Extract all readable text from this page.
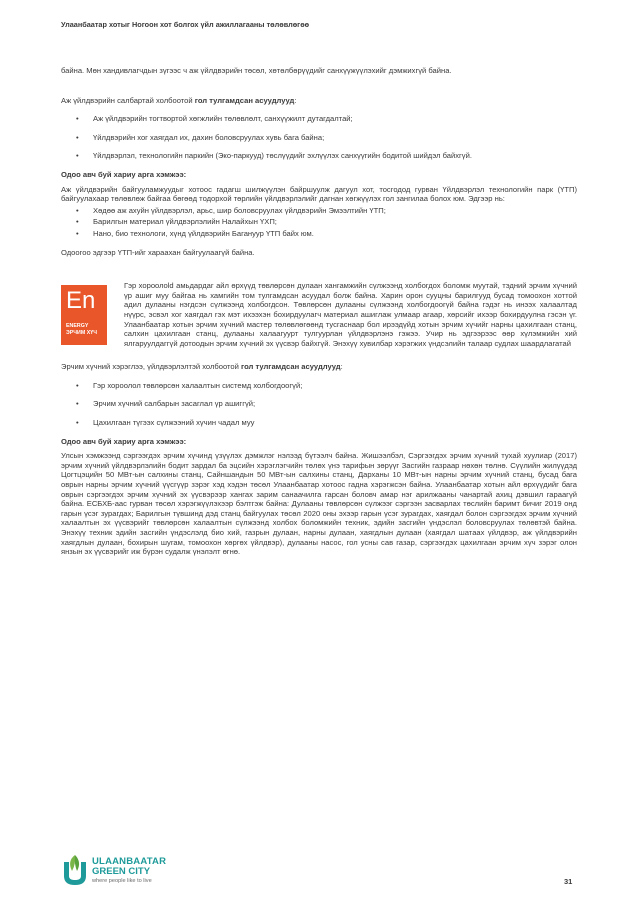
Улаанбаатар хотыг Ногоон хот болгох үйл ажиллагааны төлөвлөгөө

байна. Мөн хандивлагчдын зүгээс ч аж үйлдвэрийн төсөл, хөтөлбөрүүдийг санхүүжүүлэхийг дэмжихгүй байна.

Аж үйлдвэрийн салбартай холбоотой гол тулгамдсан асуудлууд:

• Аж үйлдвэрийн тогтвортой хөгжлийн төлөвлөлт, санхүүжилт дутагдалтай;
• Үйлдвэрийн хог хаягдал их, дахин боловсруулах хувь бага байна;
• Үйлдвэрлэл, технологийн паркийн (Эко-паркууд) төслүүдийг эхлүүлэх санхүүгийн бодитой шийдэл байхгүй.

Одоо авч буй хариу арга хэмжээ:

Аж үйлдвэрийн байгууламжуудыг хотоос гадагш шилжүүлэн байршуулж дагуул хот, тосгодод гурван Үйлдвэрлэл технологийн парк (ҮТП) байгуулахаар төлөвлөж байгаа бөгөөд тодорхой төрлийн үйлдвэрлэлийг дагнан хөгжүүлэх гол зангилаа болох юм. Эдгээр нь:

• Хөдөө аж ахуйн үйлдвэрлэл, арьс, шир боловсруулах үйлдвэрийн Эмээлтийн ҮТП;
• Барилгын материал үйлдвэрлэлийн Налайхын ҮХП;
• Нано, био технологи, хүнд үйлдвэрийн Багануур ҮТП байх юм.

Одоогоо эдгээр ҮТП-ийг хараахан байгуулаагүй байна.

En
ENERGY
ЭРЧИМ ХҮЧ

Гэр хороолold амьдардаг айл өрхүүд төвлөрсөн дулаан хангамжийн сүлжээнд холбогдох боломж муутай, тэдний эрчим хүчний үр ашиг муу байгаа нь хамгийн том тулгамдсан асуудал болж байна. Харин орон сууцны барилгууд бусад томоохон хоттой адил дулааны нэгдсэн сүлжээнд холбогдсон. Төвлөрсөн дулааны сүлжээнд холбогдоогүй байна гэдэг нь инээх халаалтад нүүрс, эсвэл хог хаягдал гэх мэт ихээхэн бохирдуулагч материал ашиглаж улмаар агаар, хөрсийг ихээр бохирдуулна гэсэн үг. Улаанбаатар хотын эрчим хүчний мастер төлөвлөгөөнд тусгаснаар бол ирээдүйд хотын эрчим хүчийг нарны цахилгаан станц, салхин цахилгаан станц, дулааны халаагуурт тулгуурлан үйлдвэрлэнэ гэжээ. Учир нь эдгээрээс өөр хүлэмжийн хий ялгаруулдаггүй дотоодын эрчим хүчний эх үүсвэр байхгүй. Энэхүү хувилбар хэрэгжих үндсэлийн талаар судлах шаардлагатай

Эрчим хүчний хэрэглээ, үйлдвэрлэлтэй холбоотой гол тулгамдсан асуудлууд:

• Гэр хороолол төвлөрсөн халаалтын системд холбогдоогүй;
• Эрчим хүчний салбарын засаглал үр ашиггүй;
• Цахилгаан түгээх сүлжээний хүчин чадал муу

Одоо авч буй хариу арга хэмжээ:

Улсын хэмжээнд сэргээгдэх эрчим хүчинд үзүүлэх дэмжлэг нэлээд бүтээлч байна. Жишээлбэл, Сэргээгдэх эрчим хүчний тухай хуулиар (2017) эрчим хүчний үйлдвэрлэлийн бодит зардал ба эцсийн хэрэглэгчийн төлөх үнэ тарифын зөрүүг Засгийн газраар нөхөн төлнө. Сүүлийн жилүүдэд Цогтцэцийн 50 МВт-ын салхины станц, Сайншандын 50 МВт-ын салхины станц, Дарханы 10 МВт-ын нарны эрчим хүчний станц, бусад бага оврын нарны эрчим хүчний үүсгүүр зэрэг хэд хэдэн төсөл Улаанбаатар хотоос гадна хэрэгжсэн байна. Улаанбаатар хотын айл өрхүүдийг бага оврын сэргээгдэх эрчим хүчний эх үүсвэрээр хангах зарим санаачилга гарсан боловч амар нэг арилжааны чанартай ахиц дэвшил гараагүй байна. ЕСБХБ-аас гурван төсөл хэрэгжүүлэхээр бэлтгэж байна: Дулааны төвлөрсөн сүлжээг сэргээн засварлах төслийн баримт бичиг 2019 онд гарын үсэг зурагдах; Барилгын түвшинд дэд станц байгуулах төсөл 2020 оны эхээр гарын үсэг зурагдах, хаягдал болон сэргээгдэх эрчим хүчний халаалтын эх үүсвэрийг төвлөрсөн халаалтын сүлжээнд холбох боломжийн техник, эдийн засгийн үндэслэл боловсруулах төлөвтэй байна. Энэхүү техник эдийн засгийн үндэслэлд био хий, газрын дулаан, нарны дулаан, хаягдлын дулаан (хаягдал шатаах үйлдвэр, аж үйлдвэрийн хаягдлын дулаан, бохирын шугам, томоохон хөргөх үйлдвэр), дулааны насос, гол усны сав газар, сэргээгдэх цахилгаан эрчим хүч зэрэг олон янзын эх үүсвэрийг иж бүрэн судалж үнэлэлт өгнө.

ULAANBAATAR
GREEN CITY
where people like to live	31
